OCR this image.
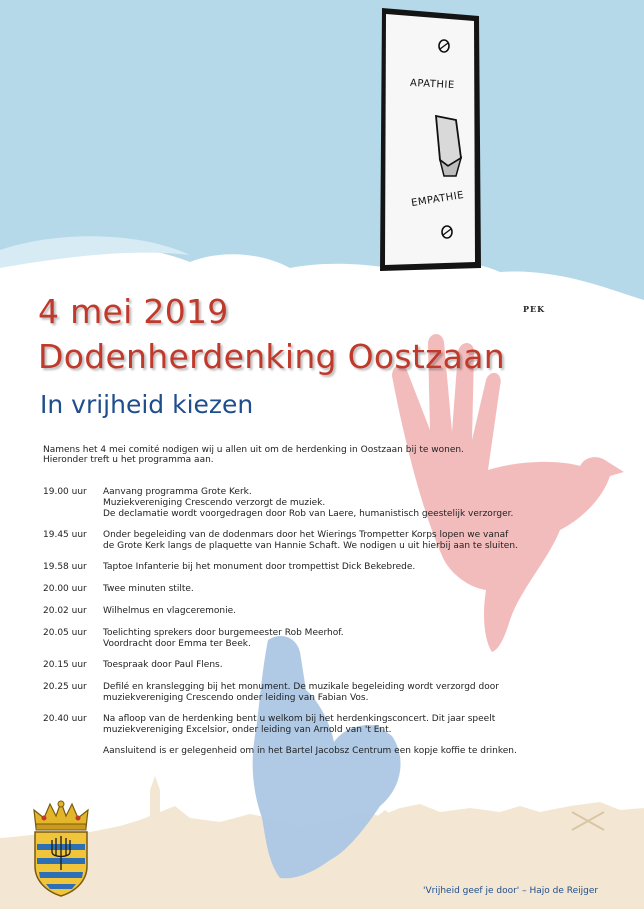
APATHIE
EMPATHIE
PEK
4 mei 2019
Dodenherdenking Oostzaan
In vrijheid kiezen
Namens het 4 mei comité nodigen wij u allen uit om de herdenking in Oostzaan bij te wonen.
Hieronder treft u het programma aan.
19.00 uur	Aanvang programma Grote Kerk.
Muziekvereniging Crescendo verzorgt de muziek.
De declamatie wordt voorgedragen door Rob van Laere, humanistisch geestelijk verzorger.
19.45 uur	Onder begeleiding van de dodenmars door het Wierings Trompetter Korps lopen we vanaf
de Grote Kerk langs de plaquette van Hannie Schaft. We nodigen u uit hierbij aan te sluiten.
19.58 uur	Taptoe Infanterie bij het monument door trompettist Dick Bekebrede.
20.00 uur	Twee minuten stilte.
20.02 uur	Wilhelmus en vlagceremonie.
20.05 uur	Toelichting sprekers door burgemeester Rob Meerhof.
Voordracht door Emma ter Beek.
20.15 uur	Toespraak door Paul Flens.
20.25 uur	Defilé en kranslegging bij het monument. De muzikale begeleiding wordt verzorgd door
muziekvereniging Crescendo onder leiding van Fabian Vos.
20.40 uur	Na afloop van de herdenking bent u welkom bij het herdenkingsconcert. Dit jaar speelt
muziekvereniging Excelsior, onder leiding van Arnold van 't Ent.
Aansluitend is er gelegenheid om in het Bartel Jacobsz Centrum een kopje koffie te drinken.
'Vrijheid geef je door' – Hajo de Reijger
